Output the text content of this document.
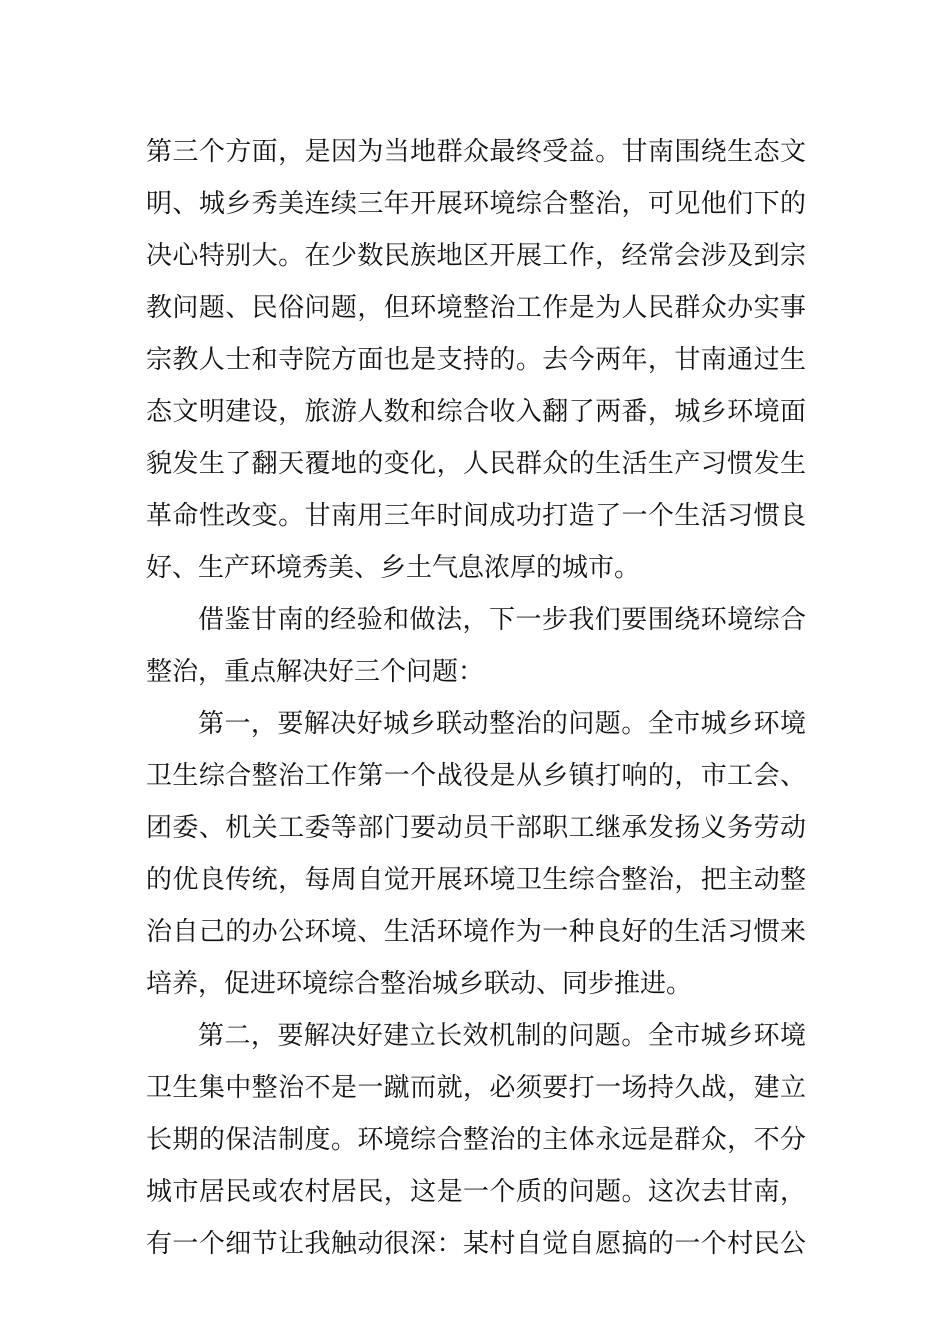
第三个方面，是因为当地群众最终受益。甘南围绕生态文
明、城乡秀美连续三年开展环境综合整治，可见他们下的
决心特别大。在少数民族地区开展工作，经常会涉及到宗
教问题、民俗问题，但环境整治工作是为人民群众办实事
宗教人士和寺院方面也是支持的。去今两年，甘南通过生
态文明建设，旅游人数和综合收入翻了两番，城乡环境面
貌发生了翻天覆地的变化，人民群众的生活生产习惯发生
革命性改变。甘南用三年时间成功打造了一个生活习惯良
好、生产环境秀美、乡土气息浓厚的城市。
借鉴甘南的经验和做法，下一步我们要围绕环境综合
整治，重点解决好三个问题：
第一，要解决好城乡联动整治的问题。全市城乡环境
卫生综合整治工作第一个战役是从乡镇打响的，市工会、
团委、机关工委等部门要动员干部职工继承发扬义务劳动
的优良传统，每周自觉开展环境卫生综合整治，把主动整
治自己的办公环境、生活环境作为一种良好的生活习惯来
培养，促进环境综合整治城乡联动、同步推进。
第二，要解决好建立长效机制的问题。全市城乡环境
卫生集中整治不是一蹴而就，必须要打一场持久战，建立
长期的保洁制度。环境综合整治的主体永远是群众，不分
城市居民或农村居民，这是一个质的问题。这次去甘南，
有一个细节让我触动很深：某村自觉自愿搞的一个村民公
